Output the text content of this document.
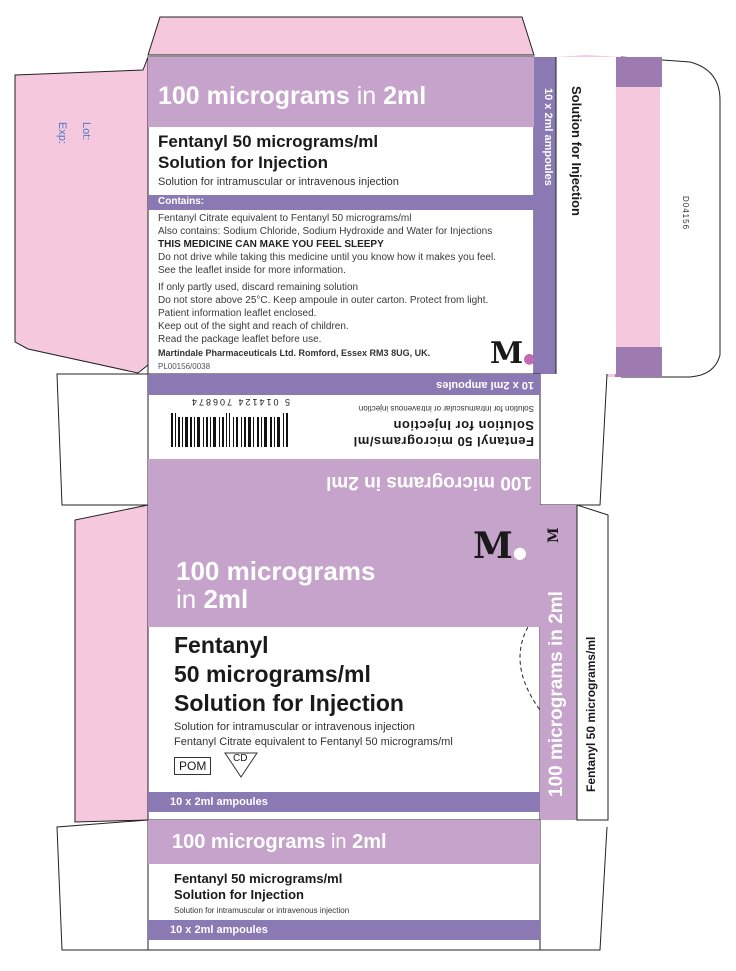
Lot:
Exp:
100 micrograms in 2ml
Fentanyl 50 micrograms/ml
Solution for Injection
Solution for intramuscular or intravenous injection
Contains:
Fentanyl Citrate equivalent to Fentanyl 50 micrograms/ml
Also contains: Sodium Chloride, Sodium Hydroxide and Water for Injections
THIS MEDICINE CAN MAKE YOU FEEL SLEEPY
Do not drive while taking this medicine until you know how it makes you feel.
See the leaflet inside for more information.
If only partly used, discard remaining solution
Do not store above 25°C. Keep ampoule in outer carton. Protect from light.
Patient information leaflet enclosed.
Keep out of the sight and reach of children.
Read the package leaflet before use.
Martindale Pharmaceuticals Ltd. Romford, Essex RM3 8UG, UK.
PL00156/0038	M●
10 x 2ml ampoules Solution for Injection	D04156
10 x 2ml ampoules
Solution for intramuscular or intravenous injection
Fentanyl 50 micrograms/ml
Solution for Injection
5 014124 706874
100 micrograms in 2ml
100 micrograms
in 2ml
M●
Fentanyl
50 micrograms/ml
Solution for Injection
Solution for intramuscular or intravenous injection
Fentanyl Citrate equivalent to Fentanyl 50 micrograms/ml
POM
CD
10 x 2ml ampoules
M
100 micrograms in 2ml Fentanyl 50 micrograms/ml
100 micrograms in 2ml
Fentanyl 50 micrograms/ml
Solution for Injection
Solution for intramuscular or intravenous injection
10 x 2ml ampoules
